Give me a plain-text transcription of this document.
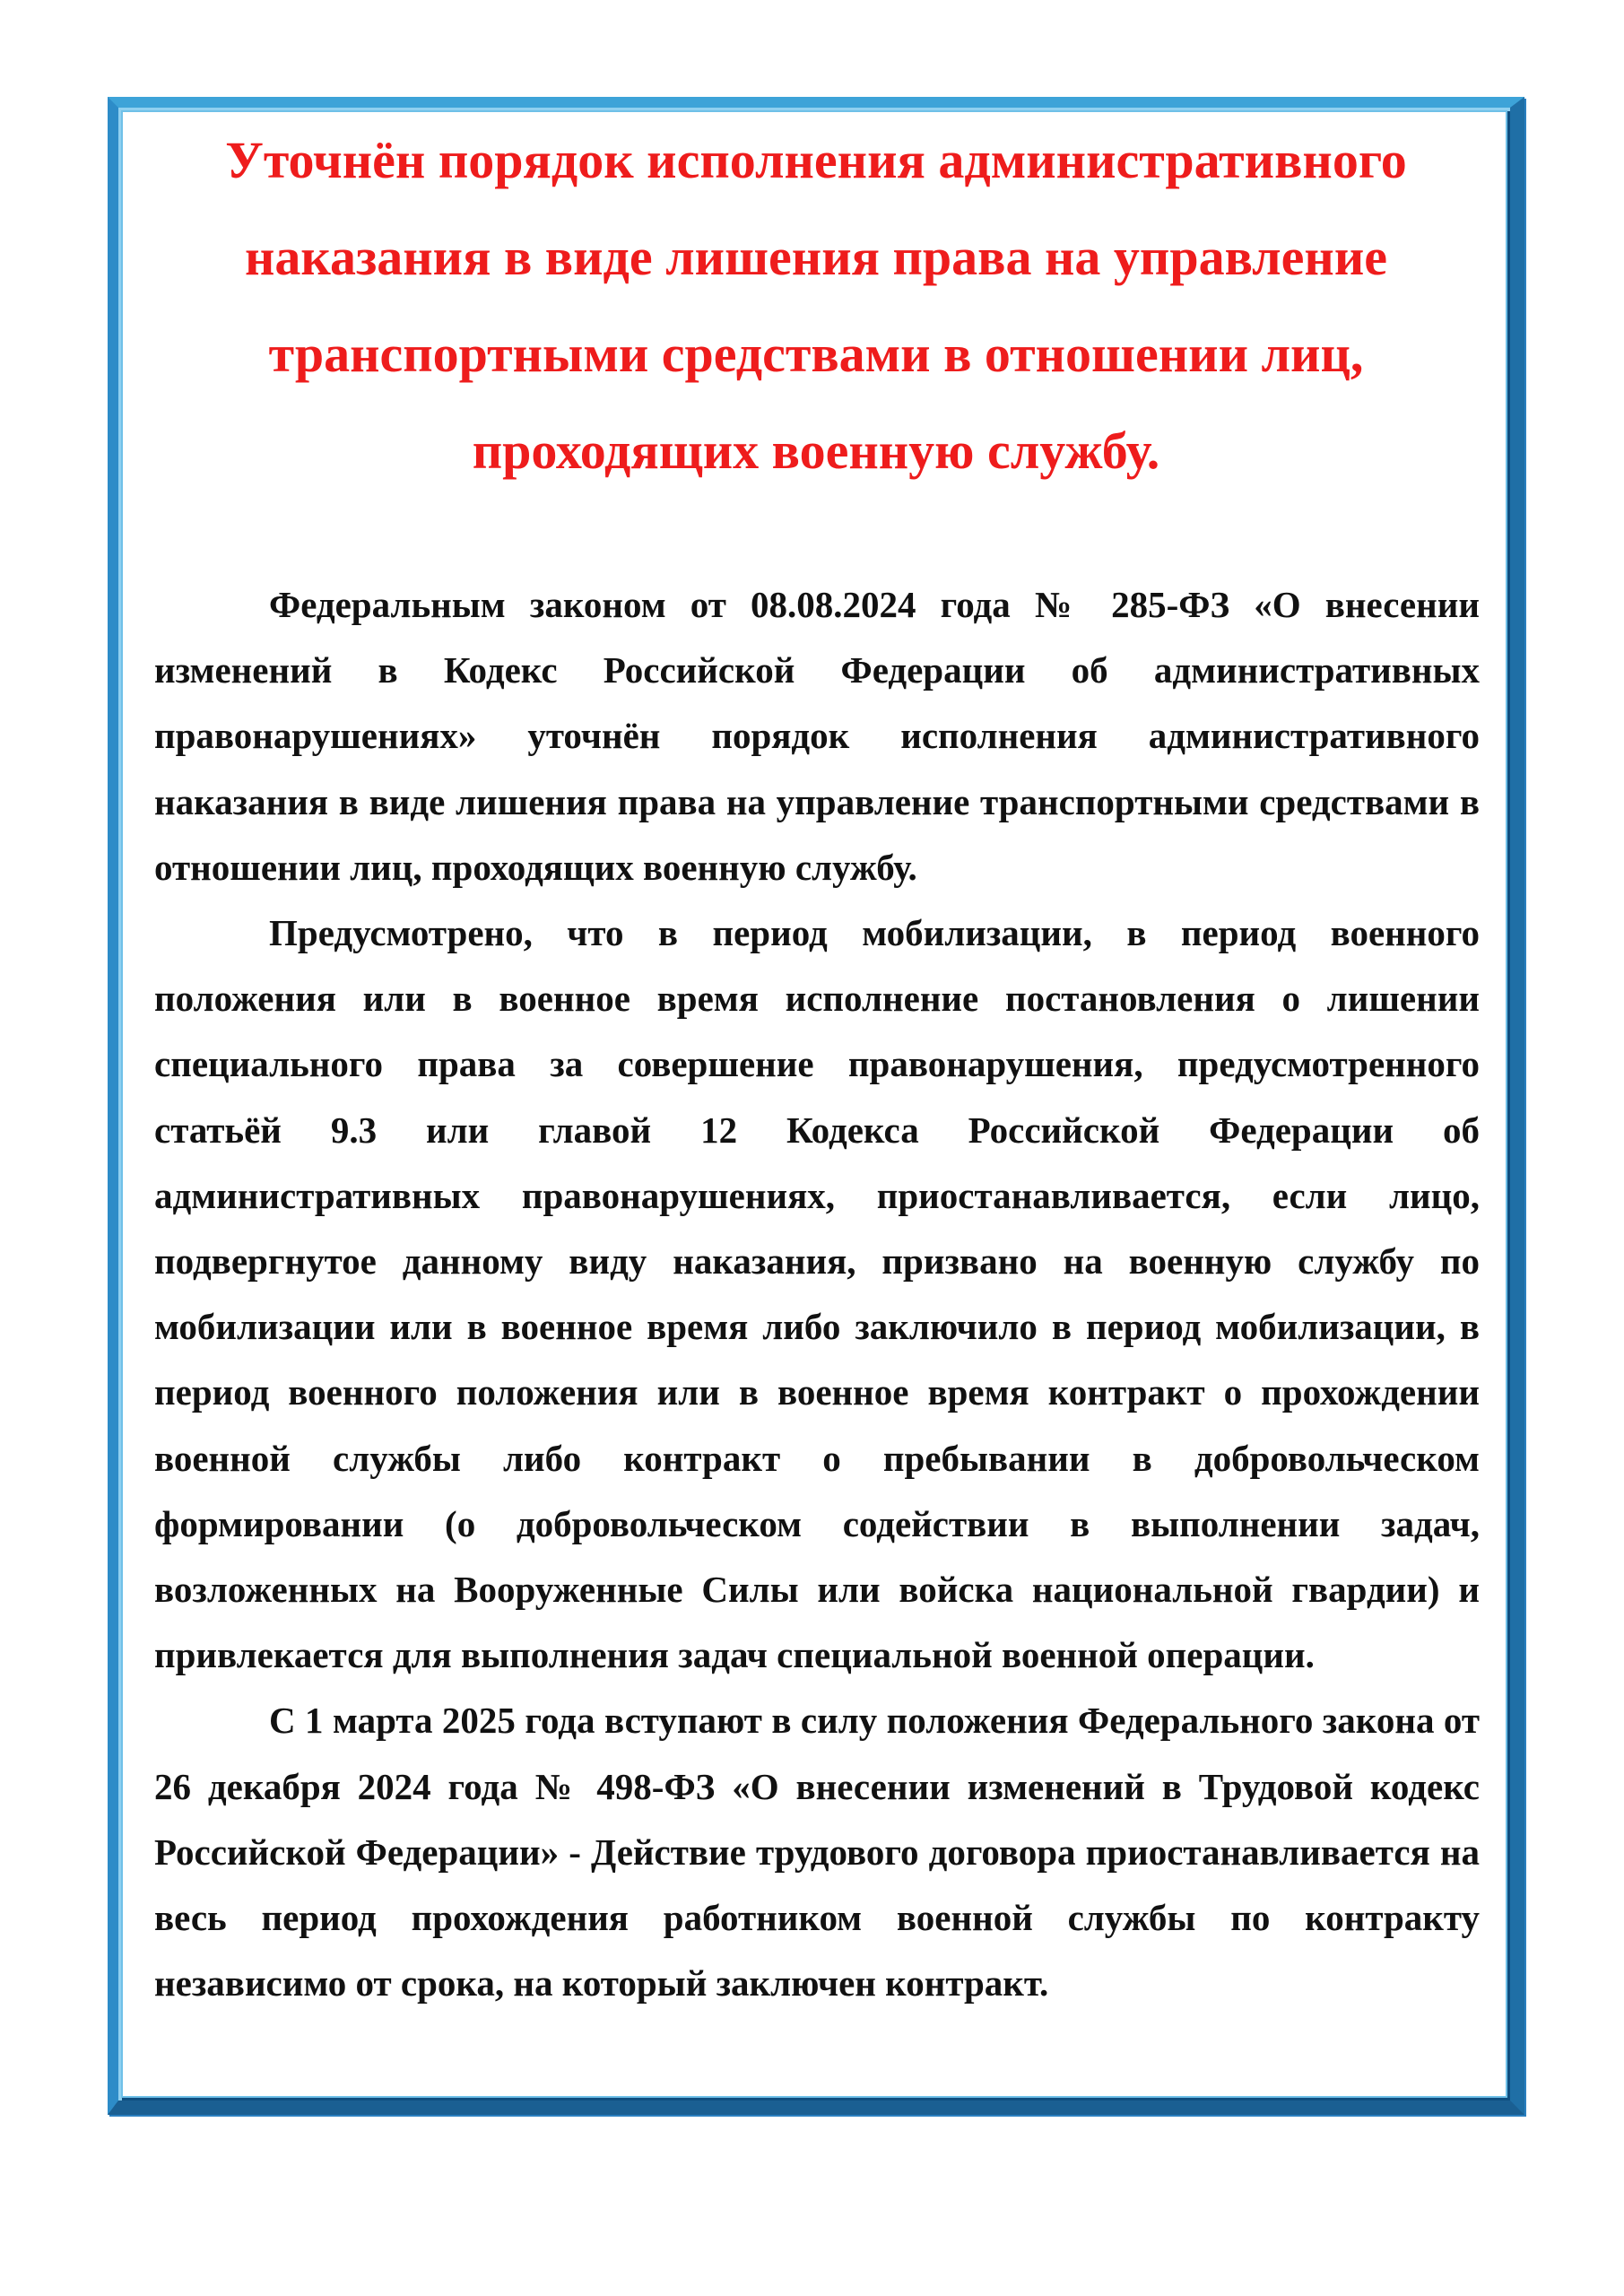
Уточнён порядок исполнения административного наказания в виде лишения права на управление транспортными средствами в отношении лиц, проходящих военную службу.

Федеральным законом от 08.08.2024 года № 285-ФЗ «О внесении изменений в Кодекс Российской Федерации об административных правонарушениях» уточнён порядок исполнения административного наказания в виде лишения права на управление транспортными средствами в отношении лиц, проходящих военную службу.

Предусмотрено, что в период мобилизации, в период военного положения или в военное время исполнение постановления о лишении специального права за совершение правонарушения, предусмотренного статьёй 9.3 или главой 12 Кодекса Российской Федерации об административных правонарушениях, приостанавливается, если лицо, подвергнутое данному виду наказания, призвано на военную службу по мобилизации или в военное время либо заключило в период мобилизации, в период военного положения или в военное время контракт о прохождении военной службы либо контракт о пребывании в добровольческом формировании (о добровольческом содействии в выполнении задач, возложенных на Вооруженные Силы или войска национальной гвардии) и привлекается для выполнения задач специальной военной операции.

С 1 марта 2025 года вступают в силу положения Федерального закона от 26 декабря 2024 года № 498-ФЗ «О внесении изменений в Трудовой кодекс Российской Федерации» - Действие трудового договора приостанавливается на весь период прохождения работником военной службы по контракту независимо от срока, на который заключен контракт.
